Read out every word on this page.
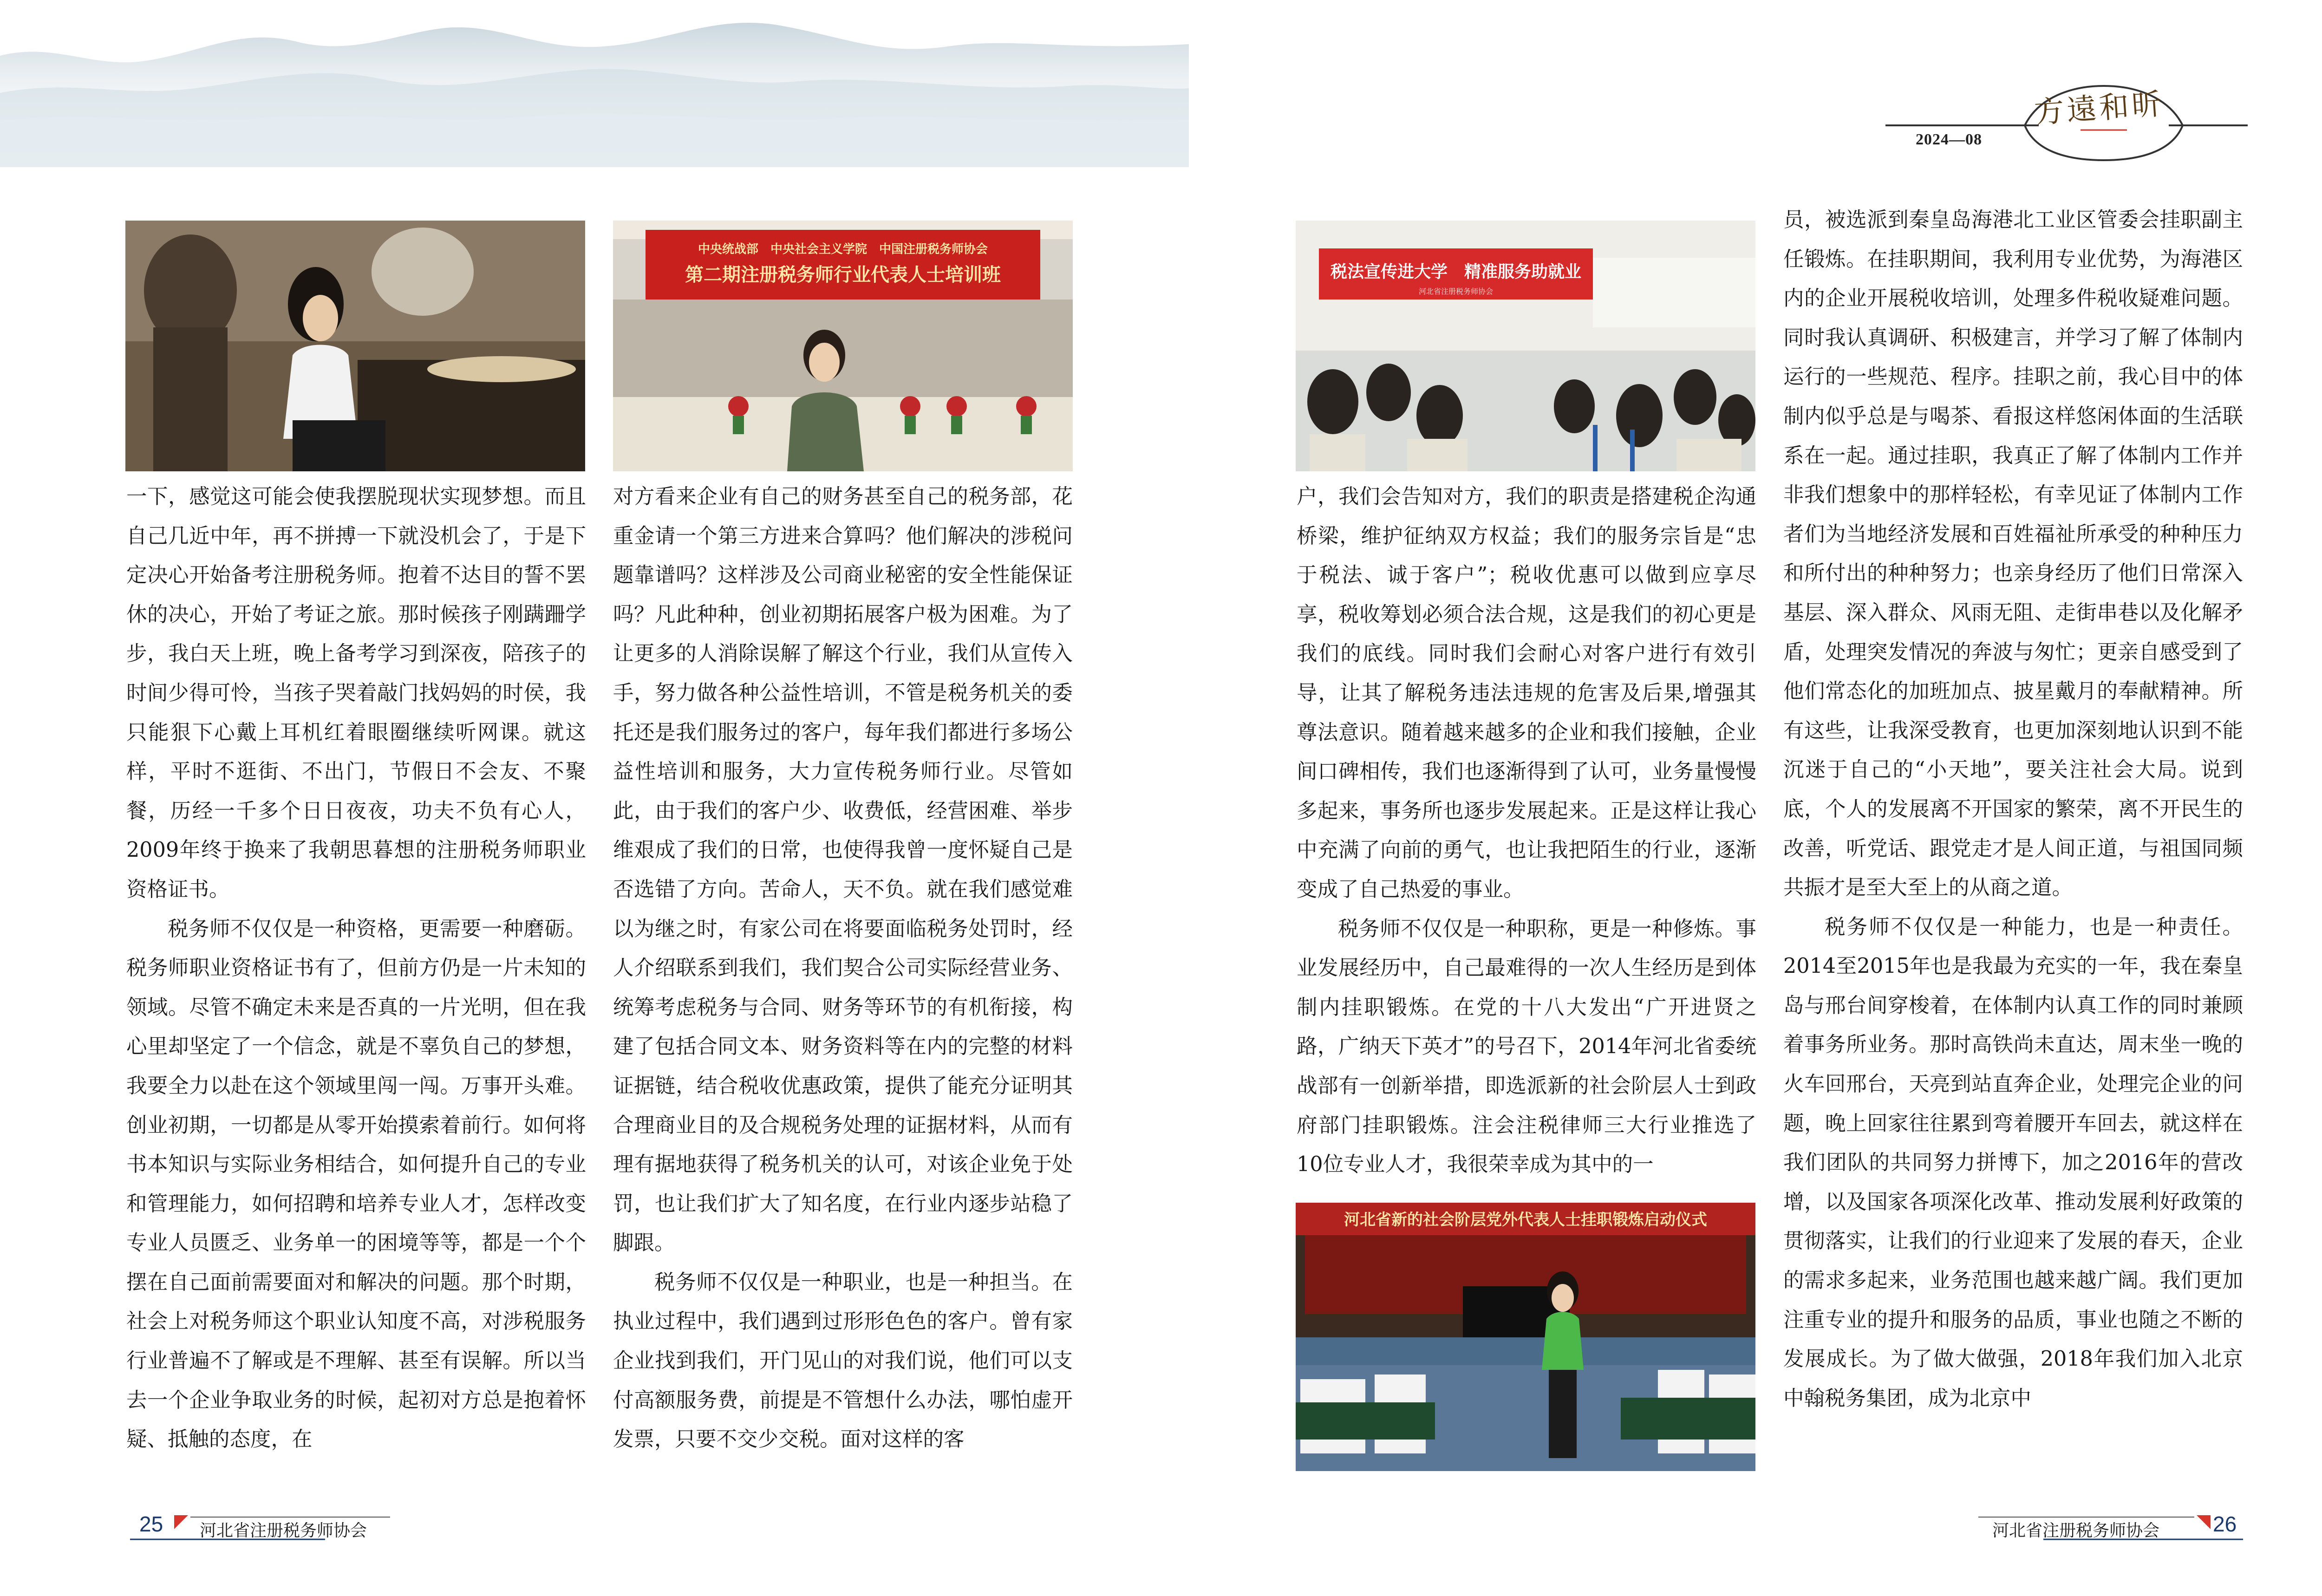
方遠和昕
2024—08
中央统战部　中央社会主义学院　中国注册税务师协会
第二期注册税务师行业代表人士培训班	税法宣传进大学　精准服务助就业
河北省注册税务师协会
河北省新的社会阶层党外代表人士挂职锻炼启动仪式

一下，感觉这可能会使我摆脱现状实现梦想。而且自己几近中年，再不拼搏一下就没机会了，于是下定决心开始备考注册税务师。抱着不达目的誓不罢休的决心，开始了考证之旅。那时候孩子刚蹒跚学步，我白天上班，晚上备考学习到深夜，陪孩子的时间少得可怜，当孩子哭着敲门找妈妈的时侯，我只能狠下心戴上耳机红着眼圈继续听网课。就这样，平时不逛街、不出门，节假日不会友、不聚餐，历经一千多个日日夜夜，功夫不负有心人，2009年终于换来了我朝思暮想的注册税务师职业资格证书。

税务师不仅仅是一种资格，更需要一种磨砺。税务师职业资格证书有了，但前方仍是一片未知的领域。尽管不确定未来是否真的一片光明，但在我心里却坚定了一个信念，就是不辜负自己的梦想，我要全力以赴在这个领域里闯一闯。万事开头难。创业初期，一切都是从零开始摸索着前行。如何将书本知识与实际业务相结合，如何提升自己的专业和管理能力，如何招聘和培养专业人才，怎样改变专业人员匮乏、业务单一的困境等等，都是一个个摆在自己面前需要面对和解决的问题。那个时期，社会上对税务师这个职业认知度不高，对涉税服务行业普遍不了解或是不理解、甚至有误解。所以当去一个企业争取业务的时候，起初对方总是抱着怀疑、抵触的态度，在

对方看来企业有自己的财务甚至自己的税务部，花重金请一个第三方进来合算吗？他们解决的涉税问题靠谱吗？这样涉及公司商业秘密的安全性能保证吗？凡此种种，创业初期拓展客户极为困难。为了让更多的人消除误解了解这个行业，我们从宣传入手，努力做各种公益性培训，不管是税务机关的委托还是我们服务过的客户，每年我们都进行多场公益性培训和服务，大力宣传税务师行业。尽管如此，由于我们的客户少、收费低，经营困难、举步维艰成了我们的日常，也使得我曾一度怀疑自己是否选错了方向。苦命人，天不负。就在我们感觉难以为继之时，有家公司在将要面临税务处罚时，经人介绍联系到我们，我们契合公司实际经营业务、统筹考虑税务与合同、财务等环节的有机衔接，构建了包括合同文本、财务资料等在内的完整的材料证据链，结合税收优惠政策，提供了能充分证明其合理商业目的及合规税务处理的证据材料，从而有理有据地获得了税务机关的认可，对该企业免于处罚，也让我们扩大了知名度，在行业内逐步站稳了脚跟。

税务师不仅仅是一种职业，也是一种担当。在执业过程中，我们遇到过形形色色的客户。曾有家企业找到我们，开门见山的对我们说，他们可以支付高额服务费，前提是不管想什么办法，哪怕虚开发票，只要不交少交税。面对这样的客

户，我们会告知对方，我们的职责是搭建税企沟通桥梁，维护征纳双方权益；我们的服务宗旨是“忠于税法、诚于客户”；税收优惠可以做到应享尽享，税收筹划必须合法合规，这是我们的初心更是我们的底线。同时我们会耐心对客户进行有效引导，让其了解税务违法违规的危害及后果,增强其尊法意识。随着越来越多的企业和我们接触，企业间口碑相传，我们也逐渐得到了认可，业务量慢慢多起来，事务所也逐步发展起来。正是这样让我心中充满了向前的勇气，也让我把陌生的行业，逐渐变成了自己热爱的事业。

税务师不仅仅是一种职称，更是一种修炼。事业发展经历中，自己最难得的一次人生经历是到体制内挂职锻炼。在党的十八大发出“广开进贤之路，广纳天下英才”的号召下，2014年河北省委统战部有一创新举措，即选派新的社会阶层人士到政府部门挂职锻炼。注会注税律师三大行业推选了10位专业人才，我很荣幸成为其中的一

员，被选派到秦皇岛海港北工业区管委会挂职副主任锻炼。在挂职期间，我利用专业优势，为海港区内的企业开展税收培训，处理多件税收疑难问题。同时我认真调研、积极建言，并学习了解了体制内运行的一些规范、程序。挂职之前，我心目中的体制内似乎总是与喝茶、看报这样悠闲体面的生活联系在一起。通过挂职，我真正了解了体制内工作并非我们想象中的那样轻松，有幸见证了体制内工作者们为当地经济发展和百姓福祉所承受的种种压力和所付出的种种努力；也亲身经历了他们日常深入基层、深入群众、风雨无阻、走街串巷以及化解矛盾，处理突发情况的奔波与匆忙；更亲自感受到了他们常态化的加班加点、披星戴月的奉献精神。所有这些，让我深受教育，也更加深刻地认识到不能沉迷于自己的“小天地”，要关注社会大局。说到底，个人的发展离不开国家的繁荣，离不开民生的改善，听党话、跟党走才是人间正道，与祖国同频共振才是至大至上的从商之道。

税务师不仅仅是一种能力，也是一种责任。2014至2015年也是我最为充实的一年，我在秦皇岛与邢台间穿梭着，在体制内认真工作的同时兼顾着事务所业务。那时高铁尚未直达，周末坐一晚的火车回邢台，天亮到站直奔企业，处理完企业的问题，晚上回家往往累到弯着腰开车回去，就这样在我们团队的共同努力拼博下，加之2016年的营改增，以及国家各项深化改革、推动发展利好政策的贯彻落实，让我们的行业迎来了发展的春天，企业的需求多起来，业务范围也越来越广阔。我们更加注重专业的提升和服务的品质，事业也随之不断的发展成长。为了做大做强，2018年我们加入北京中翰税务集团，成为北京中

25 河北省注册税务师协会	河北省注册税务师协会 26
